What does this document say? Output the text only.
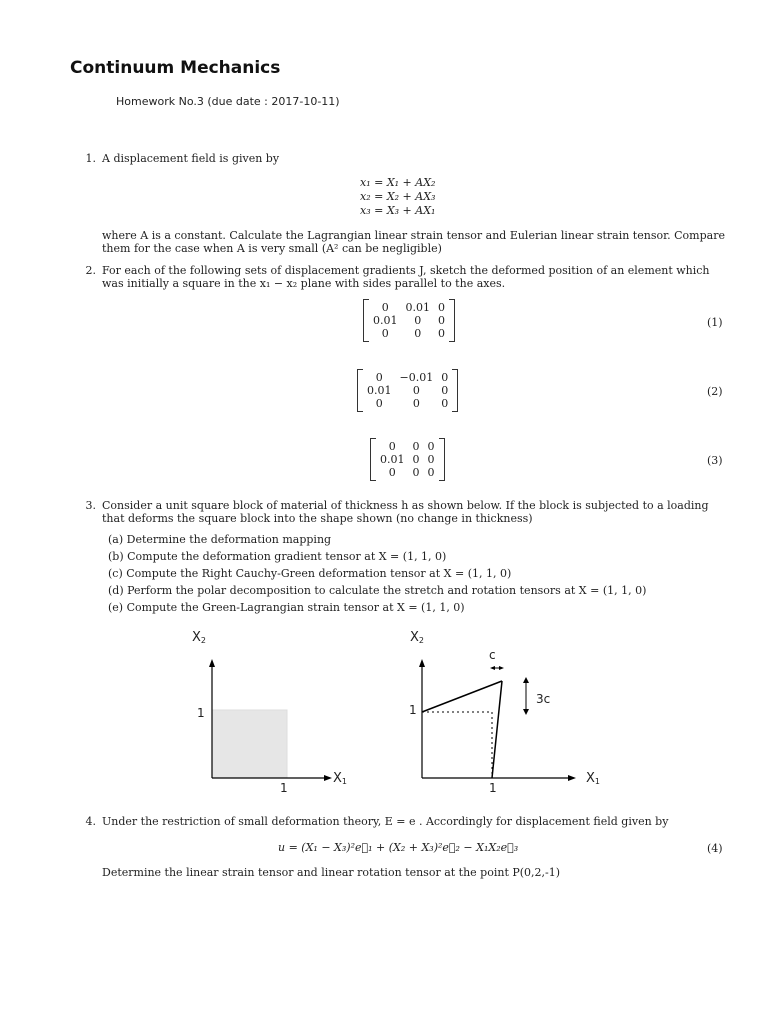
Continuum Mechanics
Homework No.3 (due date : 2017-10-11)
1. A displacement field is given by
x₁ = X₁ + AX₂
x₂ = X₂ + AX₃
x₃ = X₃ + AX₁
where A is a constant. Calculate the Lagrangian linear strain tensor and Eulerian linear strain tensor. Compare
them for the case when A is very small (A² can be negligible)
2. For each of the following sets of displacement gradients J, sketch the deformed position of an element which
was initially a square in the x₁ − x₂ plane with sides parallel to the axes.
0	0.01	0
0.01	0	0
0	0	0
(1)
0	−0.01	0
0.01	0	0
0	0	0
(2)
0	0	0
0.01	0	0
0	0	0
(3)
3. Consider a unit square block of material of thickness h as shown below. If the block is subjected to a loading
that deforms the square block into the shape shown (no change in thickness)
(a) Determine the deformation mapping
(b) Compute the deformation gradient tensor at X = (1, 1, 0)
(c) Compute the Right Cauchy-Green deformation tensor at X = (1, 1, 0)
(d) Perform the polar decomposition to calculate the stretch and rotation tensors at X = (1, 1, 0)
(e) Compute the Green-Lagrangian strain tensor at X = (1, 1, 0)
$X_2$
$X_1$
1
1
$X_2$
$X_1$
1
1
c
3c
4. Under the restriction of small deformation theory, E = e . Accordingly for displacement field given by
u = (X₁ − X₃)²e⃗₁ + (X₂ + X₃)²e⃗₂ − X₁X₂e⃗₃	(4)
Determine the linear strain tensor and linear rotation tensor at the point P(0,2,-1)
